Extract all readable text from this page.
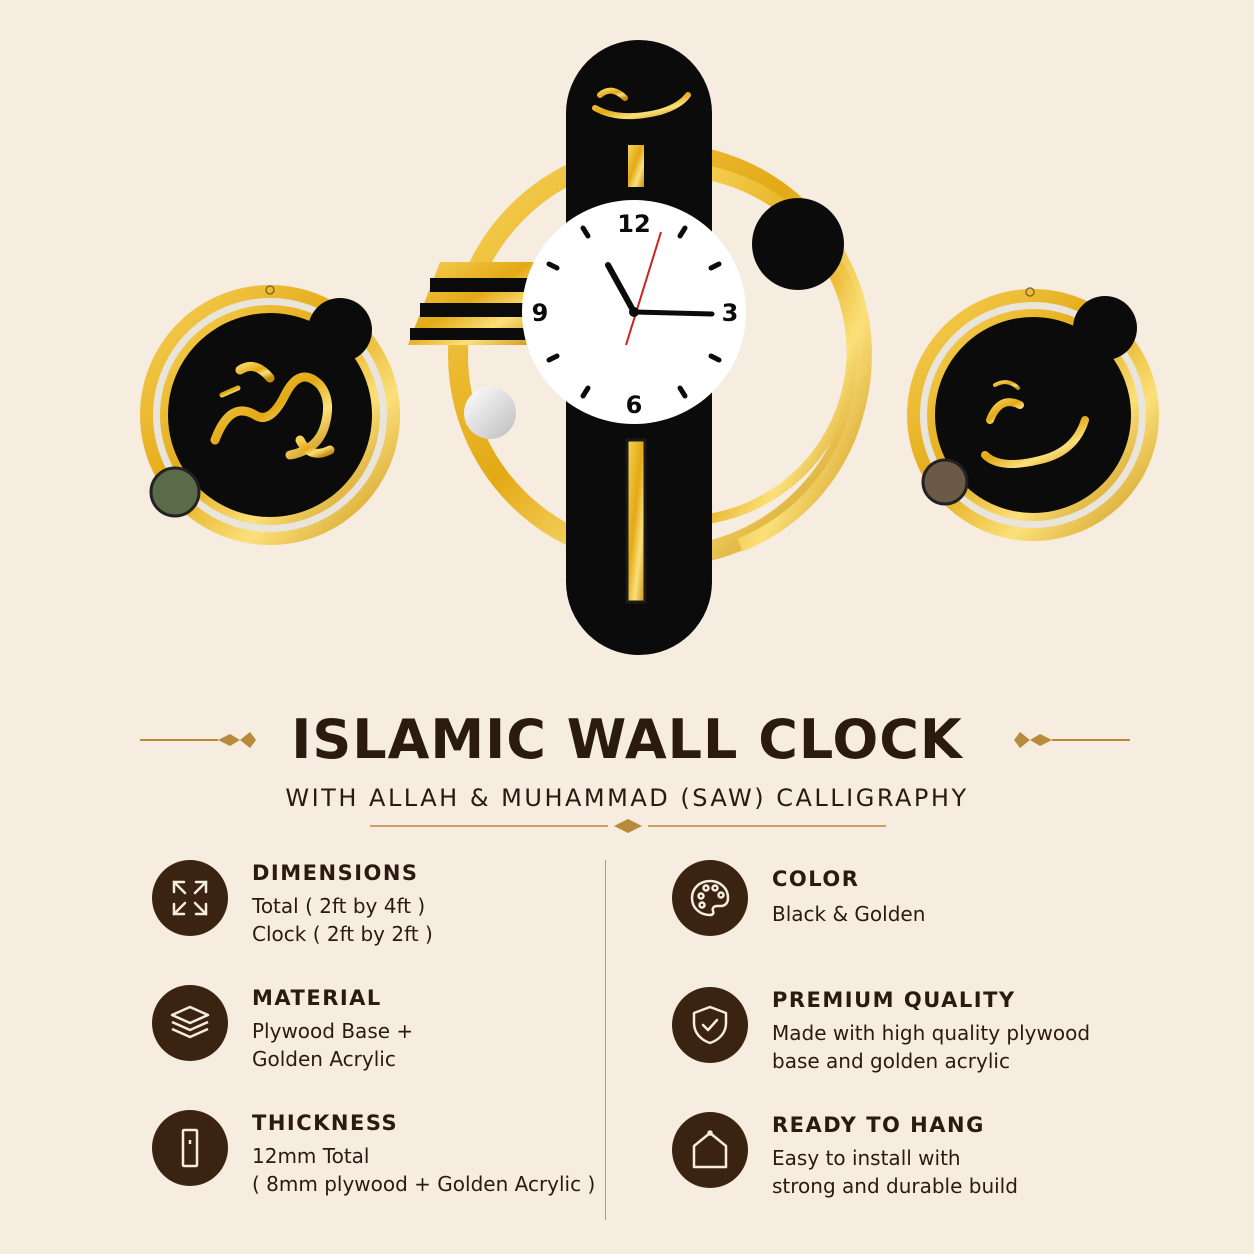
12
3
6
9
ISLAMIC WALL CLOCK
WITH ALLAH & MUHAMMAD (SAW) CALLIGRAPHY
DIMENSIONS
Total ( 2ft by 4ft )
Clock ( 2ft by 2ft )
MATERIAL
Plywood Base +
Golden Acrylic
THICKNESS
12mm Total
( 8mm plywood + Golden Acrylic )
COLOR
Black & Golden
PREMIUM QUALITY
Made with high quality plywood
base and golden acrylic
READY TO HANG
Easy to install with
strong and durable build
